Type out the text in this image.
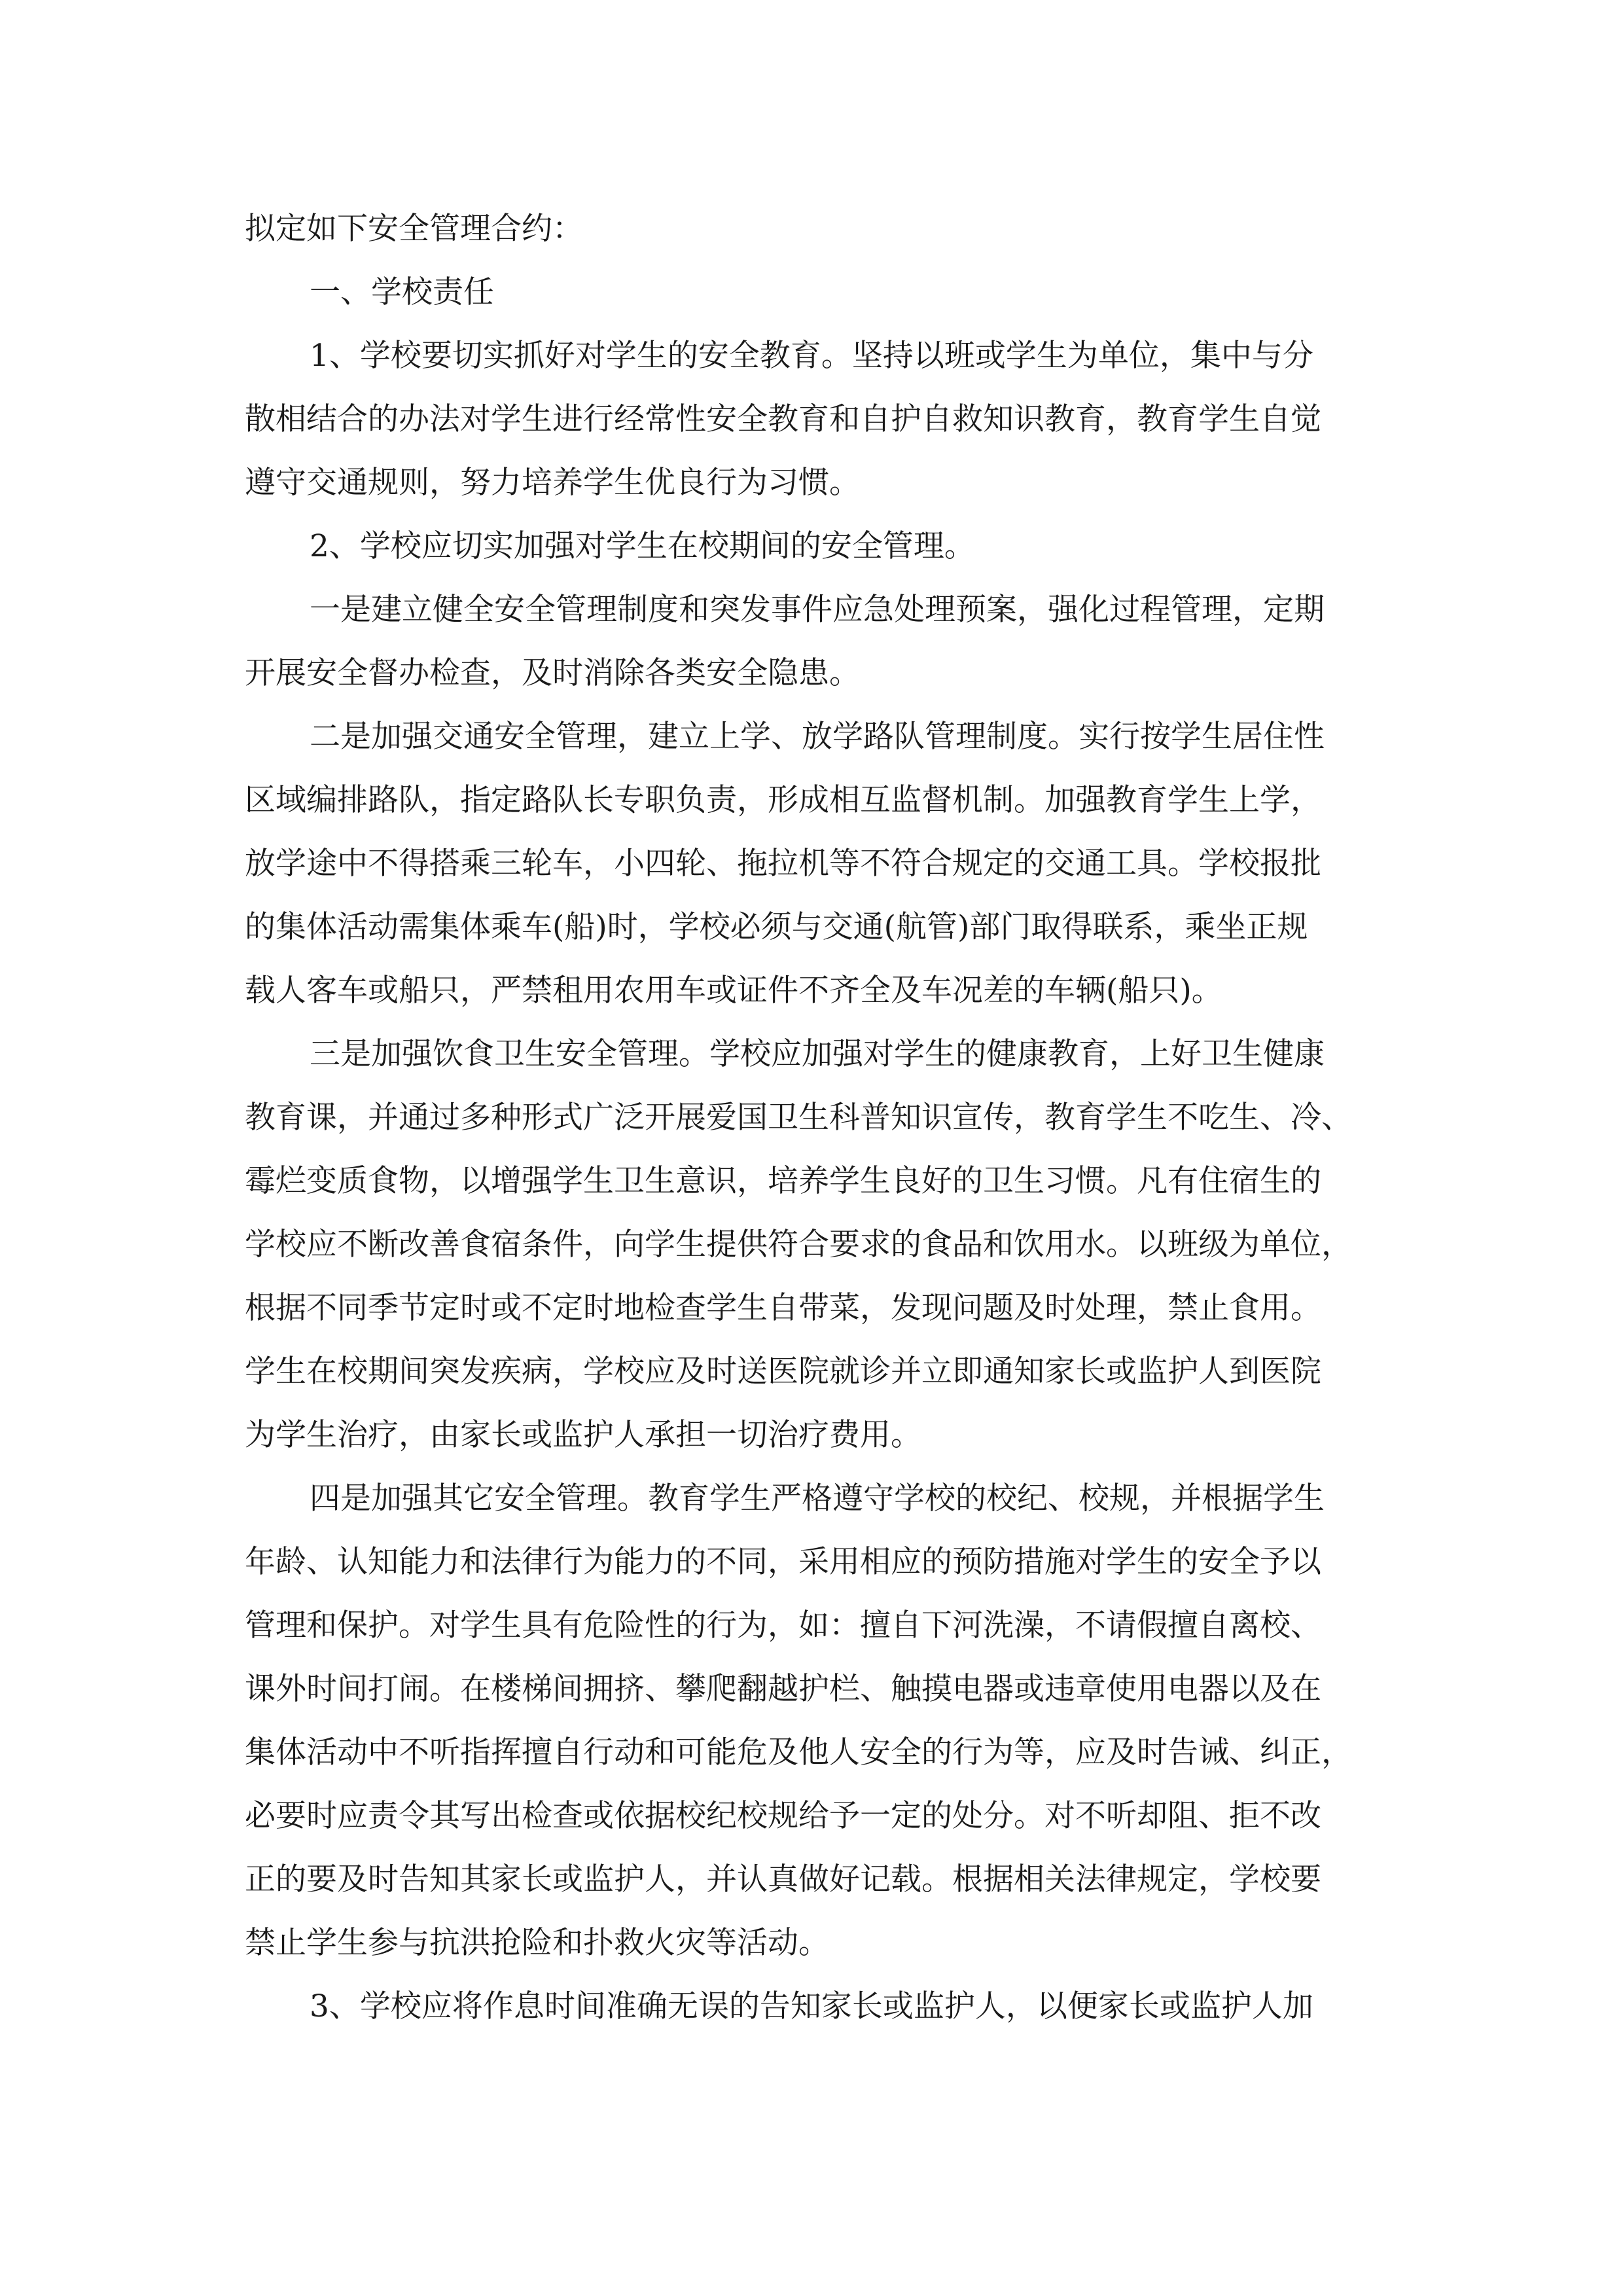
拟定如下安全管理合约：

一、学校责任

1、学校要切实抓好对学生的安全教育。坚持以班或学生为单位，集中与分

散相结合的办法对学生进行经常性安全教育和自护自救知识教育，教育学生自觉

遵守交通规则，努力培养学生优良行为习惯。

2、学校应切实加强对学生在校期间的安全管理。

一是建立健全安全管理制度和突发事件应急处理预案，强化过程管理，定期

开展安全督办检查，及时消除各类安全隐患。

二是加强交通安全管理，建立上学、放学路队管理制度。实行按学生居住性

区域编排路队，指定路队长专职负责，形成相互监督机制。加强教育学生上学，

放学途中不得搭乘三轮车，小四轮、拖拉机等不符合规定的交通工具。学校报批

的集体活动需集体乘车(船)时，学校必须与交通(航管)部门取得联系，乘坐正规

载人客车或船只，严禁租用农用车或证件不齐全及车况差的车辆(船只)。

三是加强饮食卫生安全管理。学校应加强对学生的健康教育，上好卫生健康

教育课，并通过多种形式广泛开展爱国卫生科普知识宣传，教育学生不吃生、冷、

霉烂变质食物，以增强学生卫生意识，培养学生良好的卫生习惯。凡有住宿生的

学校应不断改善食宿条件，向学生提供符合要求的食品和饮用水。以班级为单位，

根据不同季节定时或不定时地检查学生自带菜，发现问题及时处理，禁止食用。

学生在校期间突发疾病，学校应及时送医院就诊并立即通知家长或监护人到医院

为学生治疗，由家长或监护人承担一切治疗费用。

四是加强其它安全管理。教育学生严格遵守学校的校纪、校规，并根据学生

年龄、认知能力和法律行为能力的不同，采用相应的预防措施对学生的安全予以

管理和保护。对学生具有危险性的行为，如：擅自下河洗澡，不请假擅自离校、

课外时间打闹。在楼梯间拥挤、攀爬翻越护栏、触摸电器或违章使用电器以及在

集体活动中不听指挥擅自行动和可能危及他人安全的行为等，应及时告诫、纠正，

必要时应责令其写出检查或依据校纪校规给予一定的处分。对不听却阻、拒不改

正的要及时告知其家长或监护人，并认真做好记载。根据相关法律规定，学校要

禁止学生参与抗洪抢险和扑救火灾等活动。

3、学校应将作息时间准确无误的告知家长或监护人，以便家长或监护人加
